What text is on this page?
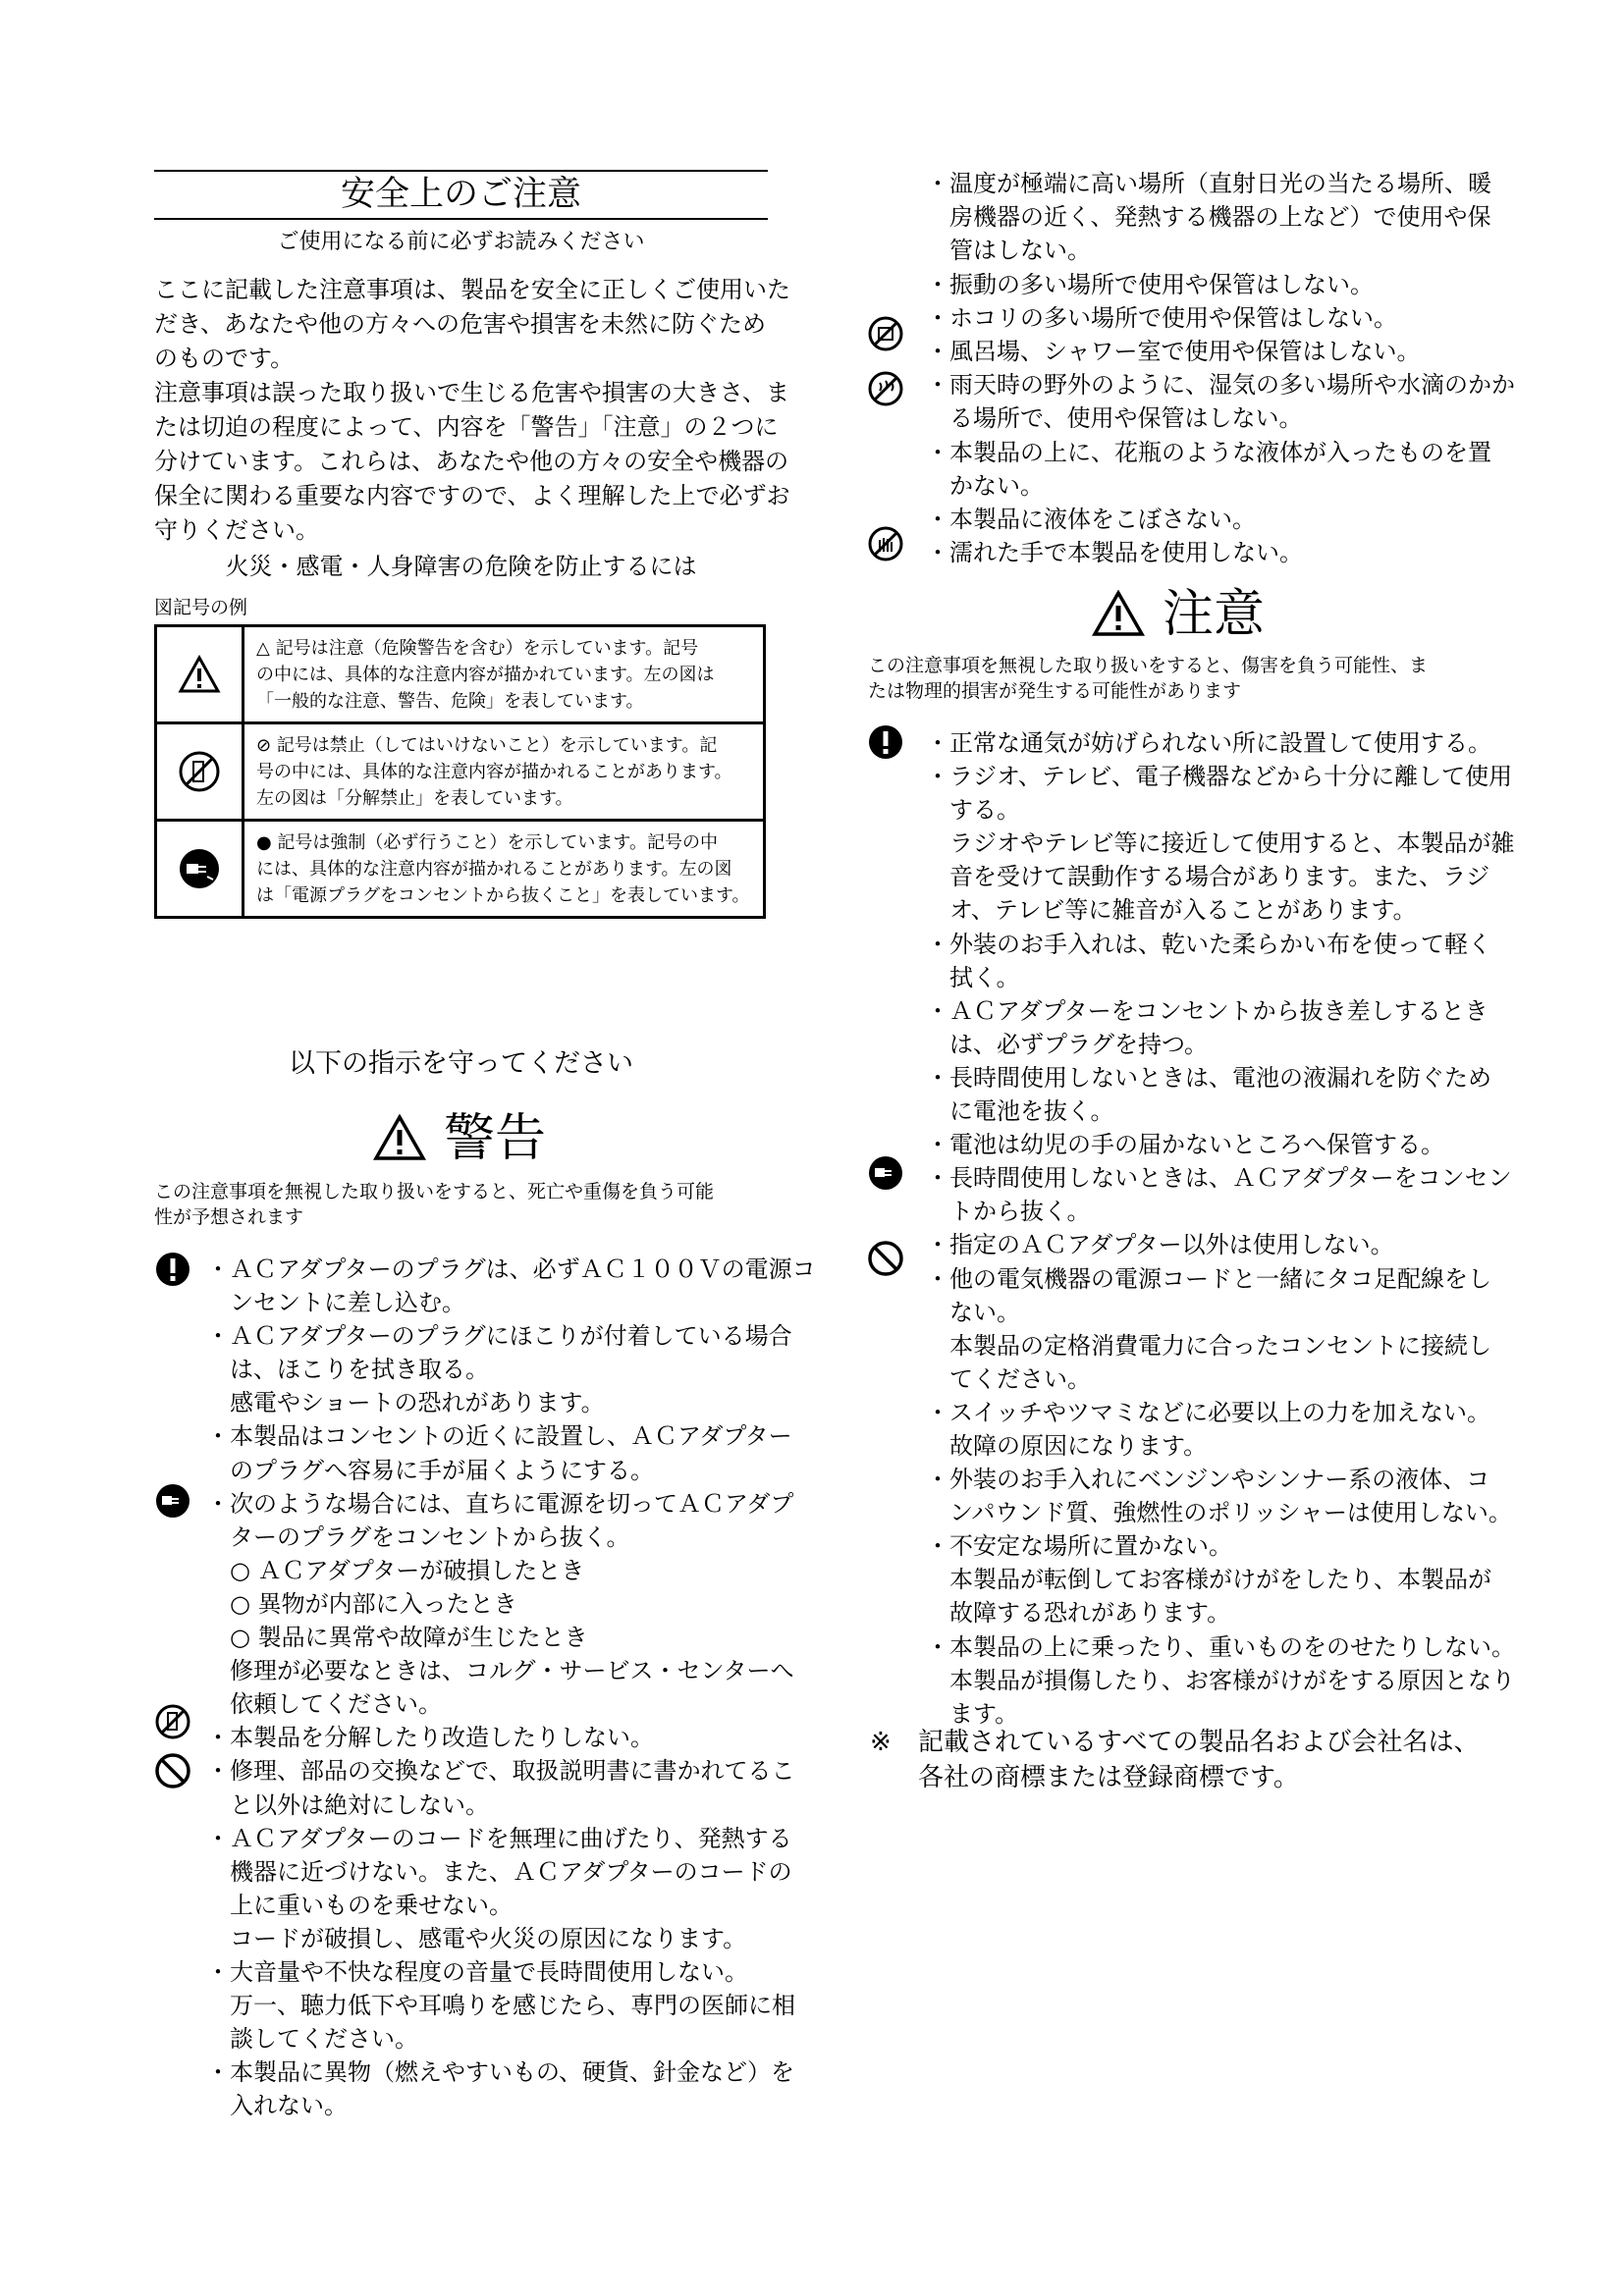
安全上のご注意
ご使用になる前に必ずお読みください
ここに記載した注意事項は、製品を安全に正しくご使用いた
だき、あなたや他の方々への危害や損害を未然に防ぐため
のものです。
注意事項は誤った取り扱いで生じる危害や損害の大きさ、ま
たは切迫の程度によって、内容を「警告」「注意」の２つに
分けています。これらは、あなたや他の方々の安全や機器の
保全に関わる重要な内容ですので、よく理解した上で必ずお
守りください。
火災・感電・人身障害の危険を防止するには
図記号の例

△ 記号は注意（危険警告を含む）を示しています。記号
の中には、具体的な注意内容が描かれています。左の図は
「一般的な注意、警告、危険」を表しています。

⊘ 記号は禁止（してはいけないこと）を示しています。記
号の中には、具体的な注意内容が描かれることがあります。
左の図は「分解禁止」を表しています。

● 記号は強制（必ず行うこと）を示しています。記号の中
には、具体的な注意内容が描かれることがあります。左の図
は「電源プラグをコンセントから抜くこと」を表しています。
以下の指示を守ってください
警告
この注意事項を無視した取り扱いをすると、死亡や重傷を負う可能
性が予想されます
・ＡＣアダプターのプラグは、必ずＡＣ１００Ｖの電源コ
　ンセントに差し込む。
・ＡＣアダプターのプラグにほこりが付着している場合
　は、ほこりを拭き取る。
　感電やショートの恐れがあります。
・本製品はコンセントの近くに設置し、ＡＣアダプター
　のプラグへ容易に手が届くようにする。
・次のような場合には、直ちに電源を切ってＡＣアダプ
　ターのプラグをコンセントから抜く。
　○ ＡＣアダプターが破損したとき
　○ 異物が内部に入ったとき
　○ 製品に異常や故障が生じたとき
　修理が必要なときは、コルグ・サービス・センターへ
　依頼してください。
・本製品を分解したり改造したりしない。
・修理、部品の交換などで、取扱説明書に書かれてるこ
　と以外は絶対にしない。
・ＡＣアダプターのコードを無理に曲げたり、発熱する
　機器に近づけない。また、ＡＣアダプターのコードの
　上に重いものを乗せない。
　コードが破損し、感電や火災の原因になります。
・大音量や不快な程度の音量で長時間使用しない。
　万一、聴力低下や耳鳴りを感じたら、専門の医師に相
　談してください。
・本製品に異物（燃えやすいもの、硬貨、針金など）を
　入れない。
・温度が極端に高い場所（直射日光の当たる場所、暖
　房機器の近く、発熱する機器の上など）で使用や保
　管はしない。
・振動の多い場所で使用や保管はしない。
・ホコリの多い場所で使用や保管はしない。
・風呂場、シャワー室で使用や保管はしない。
・雨天時の野外のように、湿気の多い場所や水滴のかか
　る場所で、使用や保管はしない。
・本製品の上に、花瓶のような液体が入ったものを置
　かない。
・本製品に液体をこぼさない。
・濡れた手で本製品を使用しない。
注意
この注意事項を無視した取り扱いをすると、傷害を負う可能性、ま
たは物理的損害が発生する可能性があります
・正常な通気が妨げられない所に設置して使用する。
・ラジオ、テレビ、電子機器などから十分に離して使用
　する。
　ラジオやテレビ等に接近して使用すると、本製品が雑
　音を受けて誤動作する場合があります。また、ラジ
　オ、テレビ等に雑音が入ることがあります。
・外装のお手入れは、乾いた柔らかい布を使って軽く
　拭く。
・ＡＣアダプターをコンセントから抜き差しするとき
　は、必ずプラグを持つ。
・長時間使用しないときは、電池の液漏れを防ぐため
　に電池を抜く。
・電池は幼児の手の届かないところへ保管する。
・長時間使用しないときは、ＡＣアダプターをコンセン
　トから抜く。
・指定のＡＣアダプター以外は使用しない。
・他の電気機器の電源コードと一緒にタコ足配線をし
　ない。
　本製品の定格消費電力に合ったコンセントに接続し
　てください。
・スイッチやツマミなどに必要以上の力を加えない。
　故障の原因になります。
・外装のお手入れにベンジンやシンナー系の液体、コ
　ンパウンド質、強燃性のポリッシャーは使用しない。
・不安定な場所に置かない。
　本製品が転倒してお客様がけがをしたり、本製品が
　故障する恐れがあります。
・本製品の上に乗ったり、重いものをのせたりしない。
　本製品が損傷したり、お客様がけがをする原因となり
　ます。
※ 記載されているすべての製品名および会社名は、
各社の商標または登録商標です。
